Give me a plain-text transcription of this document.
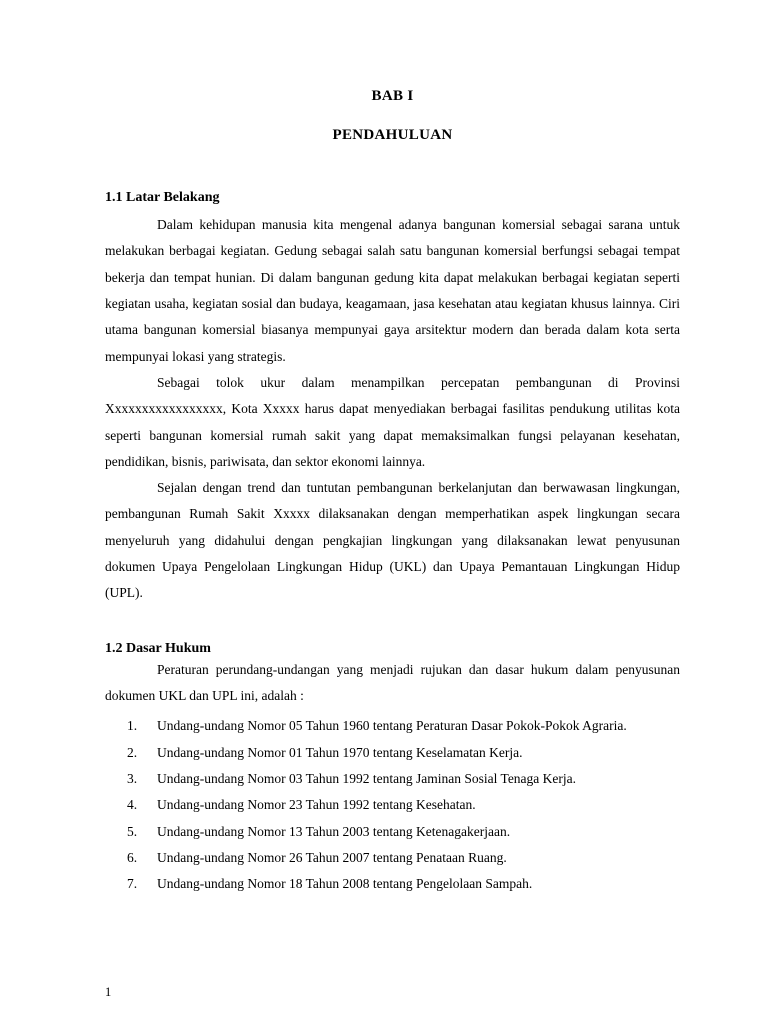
BAB I
PENDAHULUAN
1.1 Latar Belakang

Dalam kehidupan manusia kita mengenal adanya bangunan komersial sebagai sarana untuk melakukan berbagai kegiatan. Gedung sebagai salah satu bangunan komersial berfungsi sebagai tempat bekerja dan tempat hunian. Di dalam bangunan gedung kita dapat melakukan berbagai kegiatan seperti kegiatan usaha, kegiatan sosial dan budaya, keagamaan, jasa kesehatan atau kegiatan khusus lainnya. Ciri utama bangunan komersial biasanya mempunyai gaya arsitektur modern dan berada dalam kota serta mempunyai lokasi yang strategis.

Sebagai tolok ukur dalam menampilkan percepatan pembangunan di Provinsi Xxxxxxxxxxxxxxxxx, Kota Xxxxx harus dapat menyediakan berbagai fasilitas pendukung utilitas kota seperti bangunan komersial rumah sakit yang dapat memaksimalkan fungsi pelayanan kesehatan, pendidikan, bisnis, pariwisata, dan sektor ekonomi lainnya.

Sejalan dengan trend dan tuntutan pembangunan berkelanjutan dan berwawasan lingkungan, pembangunan Rumah Sakit Xxxxx dilaksanakan dengan memperhatikan aspek lingkungan secara menyeluruh yang didahului dengan pengkajian lingkungan yang dilaksanakan lewat penyusunan dokumen Upaya Pengelolaan Lingkungan Hidup (UKL) dan Upaya Pemantauan Lingkungan Hidup (UPL).

1.2 Dasar Hukum

Peraturan perundang-undangan yang menjadi rujukan dan dasar hukum dalam penyusunan dokumen UKL dan UPL ini, adalah :

Undang-undang Nomor 05 Tahun 1960 tentang Peraturan Dasar Pokok-Pokok Agraria.
Undang-undang Nomor 01 Tahun 1970 tentang Keselamatan Kerja.
Undang-undang Nomor 03 Tahun 1992 tentang Jaminan Sosial Tenaga Kerja.
Undang-undang Nomor 23 Tahun 1992 tentang Kesehatan.
Undang-undang Nomor 13 Tahun 2003 tentang Ketenagakerjaan.
Undang-undang Nomor 26 Tahun 2007 tentang Penataan Ruang.
Undang-undang Nomor 18 Tahun 2008 tentang Pengelolaan Sampah.
1
